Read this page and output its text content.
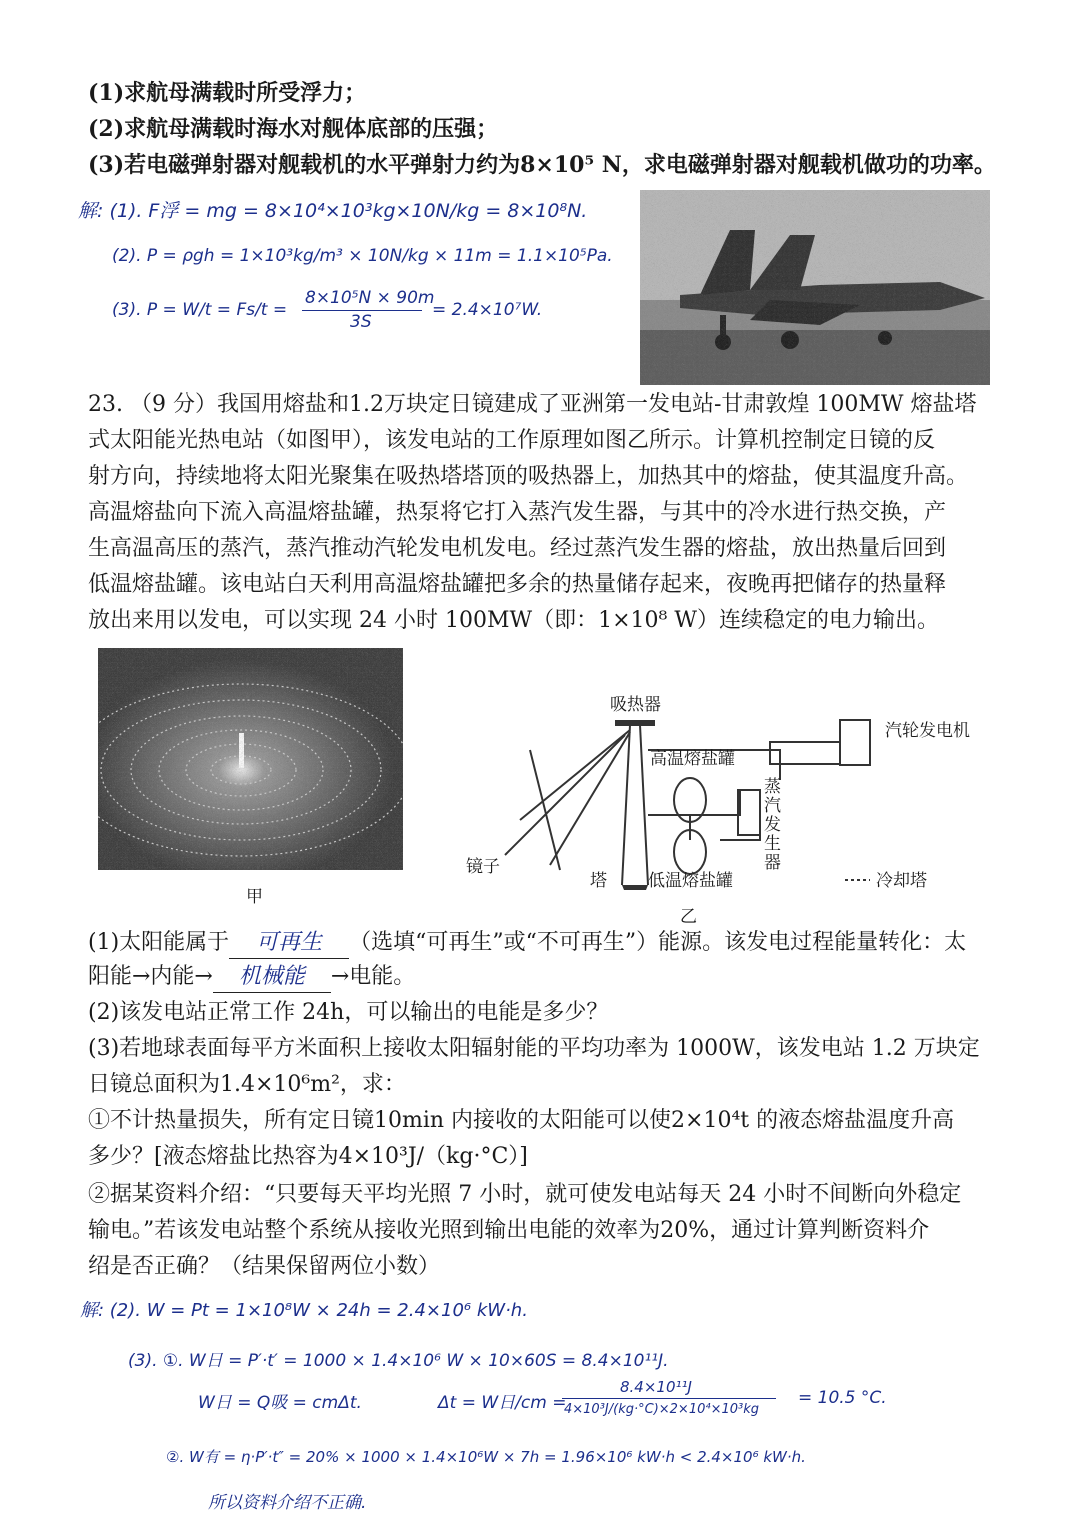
(1)求航母满载时所受浮力；
(2)求航母满载时海水对舰体底部的压强；
(3)若电磁弹射器对舰载机的水平弹射力约为8×10⁵ N，求电磁弹射器对舰载机做功的功率。
解: (1). F浮 = mg = 8×10⁴×10³kg×10N/kg = 8×10⁸N.
(2). P = ρgh = 1×10³kg/m³ × 10N/kg × 11m = 1.1×10⁵Pa.
(3). P = W/t = Fs/t =
8×10⁵N × 90m
3S
= 2.4×10⁷W.
23. （9 分）我国用熔盐和1.2万块定日镜建成了亚洲第一发电站-甘肃敦煌 100MW 熔盐塔
式太阳能光热电站（如图甲），该发电站的工作原理如图乙所示。计算机控制定日镜的反
射方向，持续地将太阳光聚集在吸热塔塔顶的吸热器上，加热其中的熔盐，使其温度升高。
高温熔盐向下流入高温熔盐罐，热泵将它打入蒸汽发生器，与其中的冷水进行热交换，产
生高温高压的蒸汽，蒸汽推动汽轮发电机发电。经过蒸汽发生器的熔盐，放出热量后回到
低温熔盐罐。该电站白天利用高温熔盐罐把多余的热量储存起来，夜晚再把储存的热量释
放出来用以发电，可以实现 24 小时 100MW（即：1×10⁸ W）连续稳定的电力输出。
甲
吸热器
高温熔盐罐
低温熔盐罐
汽轮发电机
蒸
汽
发
生
器
镜子
塔	冷却塔
乙
(1)太阳能属于 可再生 （选填“可再生”或“不可再生”）能源。该发电过程能量转化：太
阳能→内能→ 机械能 →电能。
(2)该发电站正常工作 24h，可以输出的电能是多少？
(3)若地球表面每平方米面积上接收太阳辐射能的平均功率为 1000W，该发电站 1.2 万块定
日镜总面积为1.4×10⁶m²，求：
①不计热量损失，所有定日镜10min 内接收的太阳能可以使2×10⁴t 的液态熔盐温度升高
多少？[液态熔盐比热容为4×10³J/（kg·°C）]
②据某资料介绍：“只要每天平均光照 7 小时，就可使发电站每天 24 小时不间断向外稳定
输电。”若该发电站整个系统从接收光照到输出电能的效率为20%，通过计算判断资料介
绍是否正确？（结果保留两位小数）
解: (2). W = Pt = 1×10⁸W × 24h = 2.4×10⁶ kW·h.
(3). ①. W日 = P′·t′ = 1000 × 1.4×10⁶ W × 10×60S = 8.4×10¹¹J.
W日 = Q吸 = cmΔt.	Δt = W日/cm =
8.4×10¹¹J
4×10³J/(kg·°C)×2×10⁴×10³kg
= 10.5 °C.
②. W有 = η·P′·t″ = 20% × 1000 × 1.4×10⁶W × 7h = 1.96×10⁶ kW·h < 2.4×10⁶ kW·h.
所以资料介绍不正确.
